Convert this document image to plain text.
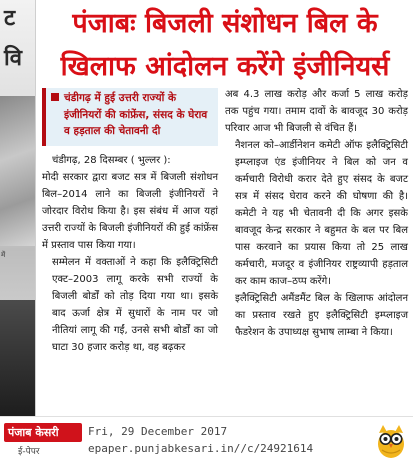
ट
वि
में
पंजाबः बिजली संशोधन बिल के
खिलाफ आंदोलन करेंगे इंजीनियर्स
चंडीगढ़ में हुई उत्तरी राज्यों के इंजीनियरों की कांफ्रेंस, संसद के घेराव व हड़ताल की चेतावनी दी

चंडीगढ़, 28 दिसम्बर ( भुल्लर ):

मोदी सरकार द्वारा बजट सत्र में बिजली संशोधन बिल–2014 लाने का बिजली इंजीनियरों ने जोरदार विरोध किया है। इस संबंध में आज यहां उत्तरी राज्यों के बिजली इंजीनियरों की हुई कांफ्रेंस में प्रस्ताव पास किया गया।

सम्मेलन में वक्ताओं ने कहा कि इलैक्ट्रिसिटी एक्ट–2003 लागू करके सभी राज्यों के बिजली बोर्डों को तोड़ दिया गया था। इसके बाद ऊर्जा क्षेत्र में सुधारों के नाम पर जो नीतियां लागू की गईं, उनसे सभी बोर्डों का जो घाटा 30 हजार करोड़ था, वह बढ़कर

अब 4.3 लाख करोड़ और कर्जा 5 लाख करोड़ तक पहुंच गया। तमाम दावों के बावजूद 30 करोड़ परिवार आज भी बिजली से वंचित हैं।

नैशनल को–आर्डीनेशन कमेटी ऑफ इलैक्ट्रिसिटी इम्प्लाइज एंड इंजीनियर ने बिल को जन व कर्मचारी विरोधी करार देते हुए संसद के बजट सत्र में संसद घेराव करने की घोषणा की है। कमेटी ने यह भी चेतावनी दी कि अगर इसके बावजूद केन्द्र सरकार ने बहुमत के बल पर बिल पास करवाने का प्रयास किया तो 25 लाख कर्मचारी, मजदूर व इंजीनियर राष्ट्रव्यापी हड़ताल कर काम काज–ठप्प करेंगे।

इलैक्ट्रिसिटी अमैंडमैंट बिल के खिलाफ आंदोलन का प्रस्ताव रखते हुए इलैक्ट्रिसिटी इम्प्लाइज फैडरेशन के उपाध्यक्ष सुभाष लाम्बा ने किया।

पंजाब केसरी
ई-पेपर
Fri, 29 December 2017
epaper.punjabkesari.in//c/24921614
